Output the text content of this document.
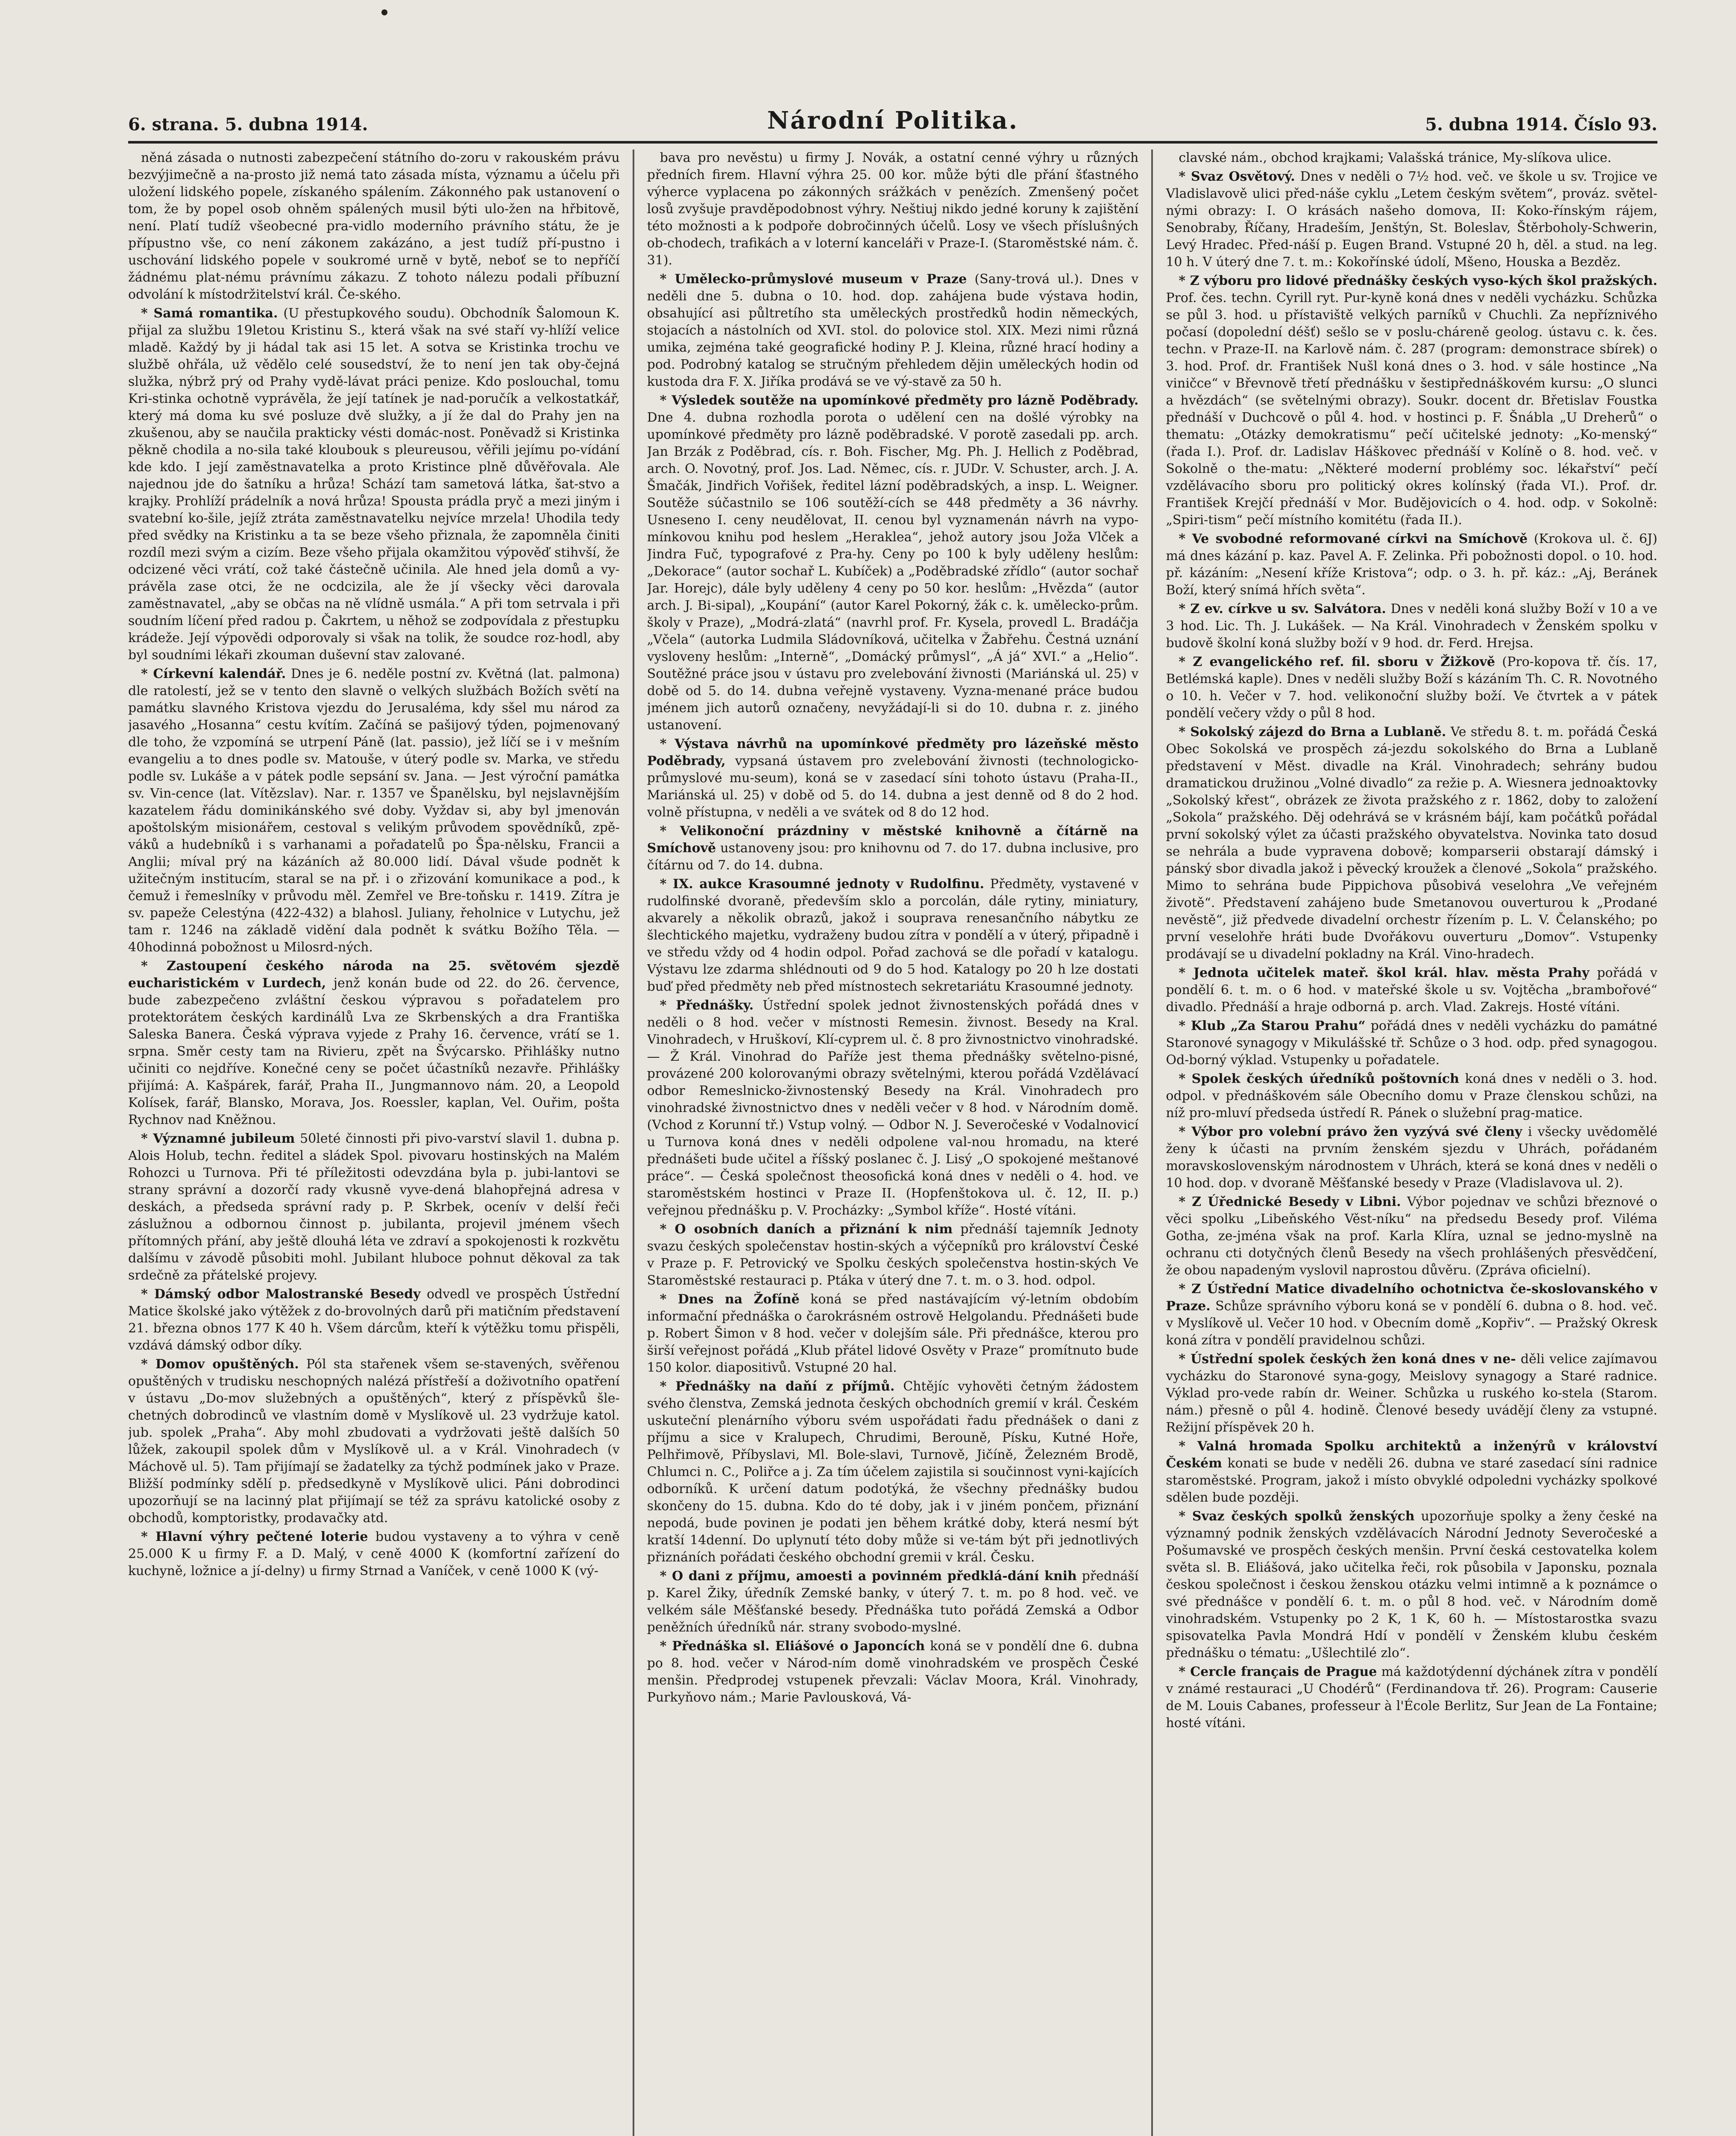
6. strana. 5. dubna 1914.	Národní Politika.	5. dubna 1914. Číslo 93.

něná zásada o nutnosti zabezpečení státního do-zoru v rakouském právu bezvýjimečně a na-prosto již nemá tato zásada místa, významu a účelu při uložení lidského popele, získaného spálením. Zákonného pak ustanovení o tom, že by popel osob ohněm spálených musil býti ulo-žen na hřbitově, není. Platí tudíž všeobecné pra-vidlo moderního právního státu, že je přípustno vše, co není zákonem zakázáno, a jest tudíž pří-pustno i uschování lidského popele v soukromé urně v bytě, neboť se to nepříčí žádnému plat-nému právnímu zákazu. Z tohoto nálezu podali příbuzní odvolání k místodržitelství král. Če-ského.

* Samá romantika. (U přestupkového soudu). Obchodník Šalomoun K. přijal za službu 19letou Kristinu S., která však na své staří vy-hlíží velice mladě. Každý by ji hádal tak asi 15 let. A sotva se Kristinka trochu ve službě ohřála, už vědělo celé sousedství, že to není jen tak oby-čejná služka, nýbrž prý od Prahy vydě-lávat práci penize. Kdo poslouchal, tomu Kri-stinka ochotně vyprávěla, že její tatínek je nad-poručík a velkostatkář, který má doma ku své posluze dvě služky, a jí že dal do Prahy jen na zkušenou, aby se naučila prakticky vésti domác-nost. Poněvadž si Kristinka pěkně chodila a no-sila také kloubouk s pleureusou, věřili jejímu po-vídání kde kdo. I její zaměstnavatelka a proto Kristince plně důvěřovala. Ale najednou jde do šatníku a hrůza! Schází tam sametová látka, šat-stvo a krajky. Prohlíží prádelník a nová hrůza! Spousta prádla pryč a mezi jiným i svatební ko-šile, jejíž ztráta zaměstnavatelku nejvíce mrzela! Uhodila tedy před svědky na Kristinku a ta se beze všeho přiznala, že zapomněla činiti rozdíl mezi svým a cizím. Beze všeho přijala okamžitou výpověď stihvší, že odcizené věci vrátí, což také částečně učinila. Ale hned jela domů a vy-právěla zase otci, že ne ocdcizila, ale že jí všecky věci darovala zaměstnavatel, „aby se občas na ně vlídně usmála.“ A při tom setrvala i při soudním líčení před radou p. Čakrtem, u něhož se zodpovídala z přestupku krádeže. Její výpovědi odporovaly si však na tolik, že soudce roz-hodl, aby byl soudními lékaři zkouman duševní stav zalované.

* Církevní kalendář. Dnes je 6. neděle postní zv. Květná (lat. palmona) dle ratolestí, jež se v tento den slavně o velkých službách Božích světí na památku slavného Kristova vjezdu do Jerusaléma, kdy sšel mu národ za jasavého „Hosanna“ cestu kvítím. Začíná se pašijový týden, pojmenovaný dle toho, že vzpomíná se utrpení Páně (lat. passio), jež líčí se i v mešním evangeliu a to dnes podle sv. Matouše, v úterý podle sv. Marka, ve středu podle sv. Lukáše a v pátek podle sepsání sv. Jana. — Jest výroční památka sv. Vin-cence (lat. Vítězslav). Nar. r. 1357 ve Španělsku, byl nejslavnějším kazatelem řádu dominikánského své doby. Vyždav si, aby byl jmenován apoštolským misionářem, cestoval s velikým průvodem spovědníků, zpě-váků a hudebníků i s varhanami a pořadatelů po Špa-nělsku, Francii a Anglii; míval prý na kázáních až 80.000 lidí. Dával všude podnět k užitečným institucím, staral se na př. i o zřizování komunikace a pod., k čemuž i řemeslníky v průvodu měl. Zemřel ve Bre-toňsku r. 1419. Zítra je sv. papeže Celestýna (422-432) a blahosl. Juliany, řeholnice v Lutychu, jež tam r. 1246 na základě vidění dala podnět k svátku Božího Těla. — 40hodinná pobožnost u Milosrd-ných.

* Zastoupení českého národa na 25. světovém sjezdě eucharistickém v Lurdech, jenž konán bude od 22. do 26. července, bude zabezpečeno zvláštní českou výpravou s pořadatelem pro protektorátem českých kardinálů Lva ze Skrbenských a dra Františka Saleska Banera. Česká výprava vyjede z Prahy 16. července, vrátí se 1. srpna. Směr cesty tam na Rivieru, zpět na Švýcarsko. Přihlášky nutno učiniti co nejdříve. Konečné ceny se počet účastníků nezavře. Přihlášky přijímá: A. Kašpárek, farář, Praha II., Jungmannovo nám. 20, a Leopold Kolísek, farář, Blansko, Morava, Jos. Roessler, kaplan, Vel. Ouřim, pošta Rychnov nad Kněžnou.

* Významné jubileum 50leté činnosti při pivo-varství slavil 1. dubna p. Alois Holub, techn. ředitel a sládek Spol. pivovaru hostinských na Malém Rohozci u Turnova. Při té příležitosti odevzdána byla p. jubi-lantovi se strany správní a dozorčí rady vkusně vyve-dená blahopřejná adresa v deskách, a předseda správní rady p. P. Skrbek, ocenív v delší řeči záslužnou a odbornou činnost p. jubilanta, projevil jménem všech přítomných přání, aby ještě dlouhá léta ve zdraví a spokojenosti k rozkvětu dalšímu v závodě působiti mohl. Jubilant hluboce pohnut děkoval za tak srdečně za přátelské projevy.

* Dámský odbor Malostranské Besedy odvedl ve prospěch Ústřední Matice školské jako výtěžek z do-brovolných darů při matičním představení 21. března obnos 177 K 40 h. Všem dárcům, kteří k výtěžku tomu přispěli, vzdává dámský odbor díky.

* Domov opuštěných. Pól sta stařenek všem se-stavených, svěřenou opuštěných v trudisku neschopných nalézá přístřeší a doživotního opatření v ústavu „Do-mov služebných a opuštěných“, který z příspěvků šle-chetných dobrodinců ve vlastním domě v Myslíkově ul. 23 vydržuje katol. jub. spolek „Praha“. Aby mohl zbudovati a vydržovati ještě dalších 50 lůžek, zakoupil spolek dům v Myslíkově ul. a v Král. Vinohradech (v Máchově ul. 5). Tam přijímají se žadatelky za týchž podmínek jako v Praze. Bližší podmínky sdělí p. předsedkyně v Myslíkově ulici. Páni dobrodinci upozorňují se na lacinný plat přijímají se též za správu katolické osoby z obchodů, komptoristky, prodavačky atd.

* Hlavní výhry pečtené loterie budou vystaveny a to výhra v ceně 25.000 K u firmy F. a D. Malý, v ceně 4000 K (komfortní zařízení do kuchyně, ložnice a jí-delny) u firmy Strnad a Vaníček, v ceně 1000 K (vý-

bava pro nevěstu) u firmy J. Novák, a ostatní cenné výhry u různých předních firem. Hlavní výhra 25. 00 kor. může býti dle přání šťastného výherce vyplacena po zákonných srážkách v penězích. Zmenšený počet losů zvyšuje pravděpodobnost výhry. Neštiuj nikdo jedné koruny k zajištění této možnosti a k podpoře dobročinných účelů. Losy ve všech přísluŝných ob-chodech, trafikách a v loterní kanceláři v Praze-I. (Staroměstské nám. č. 31).

* Umělecko-průmyslové museum v Praze (Sany-trová ul.). Dnes v neděli dne 5. dubna o 10. hod. dop. zahájena bude výstava hodin, obsahující asi půltretího sta uměleckých prostředků hodin německých, stojacích a nástolních od XVI. stol. do polovice stol. XIX. Mezi nimi různá umika, zejména také geografické hodiny P. J. Kleina, různé hrací hodiny a pod. Podrobný katalog se stručným přehledem dějin uměleckých hodin od kustoda dra F. X. Jiříka prodává se ve vý-stavě za 50 h.

* Výsledek soutěže na upomínkové předměty pro lázně Poděbrady. Dne 4. dubna rozhodla porota o udělení cen na došlé výrobky na upomínkové předměty pro lázně poděbradské. V porotě zasedali pp. arch. Jan Brzák z Poděbrad, cís. r. Boh. Fischer, Mg. Ph. J. Hellich z Poděbrad, arch. O. Novotný, prof. Jos. Lad. Němec, cís. r. JUDr. V. Schuster, arch. J. A. Šmačák, Jindřich Vořišek, ředitel lázní poděbradských, a insp. L. Weigner. Soutěže súčastnilo se 106 soutěží-cích se 448 předměty a 36 návrhy. Usneseno I. ceny neudělovat, II. cenou byl vyznamenán návrh na vypo-mínkovou knihu pod heslem „Heraklea“, jehož autory jsou Joža Vlček a Jindra Fuč, typografové z Pra-hy. Ceny po 100 k byly uděleny heslům: „Dekorace“ (autor sochař L. Kubíček) a „Poděbradské zřídlo“ (autor sochař Jar. Horejc), dále byly uděleny 4 ceny po 50 kor. heslům: „Hvězda“ (autor arch. J. Bi-sipal), „Koupání“ (autor Karel Pokorný, žák c. k. umělecko-prům. školy v Praze), „Modrá-zlatá“ (navrhl prof. Fr. Kysela, provedl L. Bradáčja „Včela“ (autorka Ludmila Sládovníková, učitelka v Žabřehu. Čestná uznání vysloveny heslům: „Interně“, „Domácký průmysl“, „Á já“ XVI.“ a „Helio“. Soutěžné práce jsou v ústavu pro zvelebování živnosti (Mariánská ul. 25) v době od 5. do 14. dubna veřejně vystaveny. Vyzna-menané práce budou jménem jich autorů označeny, nevyžádají-li si do 10. dubna r. z. jiného ustanovení.

* Výstava návrhů na upomínkové předměty pro lázeňské město Poděbrady, vypsaná ústavem pro zvelebování živnosti (technologicko-průmyslové mu-seum), koná se v zasedací síni tohoto ústavu (Praha-II., Mariánská ul. 25) v době od 5. do 14. dubna a jest denně od 8 do 2 hod. volně přístupna, v neděli a ve svátek od 8 do 12 hod.

* Velikonoční prázdniny v městské knihovně a čítárně na Smíchově ustanoveny jsou: pro knihovnu od 7. do 17. dubna inclusive, pro čítárnu od 7. do 14. dubna.

* IX. aukce Krasoumné jednoty v Rudolfinu. Předměty, vystavené v rudolfinské dvoraně, především sklo a porcolán, dále rytiny, miniatury, akvarely a několik obrazů, jakož i souprava renesančního nábytku ze šlechtického majetku, vydraženy budou zítra v pondělí a v úterý, připadně i ve středu vždy od 4 hodin odpol. Pořad zachová se dle pořadí v katalogu. Výstavu lze zdarma shlédnouti od 9 do 5 hod. Katalogy po 20 h lze dostati buď před předměty neb před místnostech sekretariátu Krasoumné jednoty.

* Přednášky. Ústřední spolek jednot živnostenských pořádá dnes v neděli o 8 hod. večer v místnosti Remesin. živnost. Besedy na Kral. Vinohradech, v Hruškoví, Klí-cyprem ul. č. 8 pro živnostnictvo vinohradské. — Ž Král. Vinohrad do Paříže jest thema přednášky světelno-pisné, provázené 200 kolorovanými obrazy světelnými, kterou pořádá Vzdělávací odbor Remeslnicko-živnostenský Besedy na Král. Vinohradech pro vinohradské živnostnictvo dnes v neděli večer v 8 hod. v Národním domě. (Vchod z Korunní tř.) Vstup volný. — Odbor N. J. Severočeské v Vodalnovicí u Turnova koná dnes v neděli odpolene val-nou hromadu, na které přednášeti bude učitel a říšský poslanec č. J. Lisý „O spokojené meštanové práce“. — Česká společnost theosofická koná dnes v neděli o 4. hod. ve staroměstském hostinci v Praze II. (Hopfenštokova ul. č. 12, II. p.) veřejnou přednášku p. V. Procházky: „Symbol kříže“. Hosté vítáni.

* O osobních daních a přiznání k nim přednáší tajemník Jednoty svazu českých společenstav hostin-ských a výčepníků pro království České v Praze p. F. Petrovický ve Spolku českých společenstva hostin-ských Ve Staroměstské restauraci p. Ptáka v úterý dne 7. t. m. o 3. hod. odpol.

* Dnes na Žofíně koná se před nastávajícím vý-letním obdobím informační přednáška o čarokrásném ostrově Helgolandu. Přednášeti bude p. Robert Šimon v 8 hod. večer v dolejším sále. Při přednášce, kterou pro širší veřejnost pořádá „Klub přátel lidové Osvěty v Praze“ promítnuto bude 150 kolor. diapositivů. Vstupné 20 hal.

* Přednášky na daňí z příjmů. Chtějíc vyhověti četným žádostem svého členstva, Zemská jednota českých obchodních gremií v král. Českém uskuteční plenárního výboru svém uspořádati řadu přednášek o dani z příjmu a sice v Kralupech, Chrudimi, Berouně, Písku, Kutné Hoře, Pelhřimově, Příbyslavi, Ml. Bole-slavi, Turnově, Jičíně, Železném Brodě, Chlumci n. C., Poliřce a j. Za tím účelem zajistila si součinnost vyni-kajících odborníků. K určení datum podotýká, že všechny přednášky budou skončeny do 15. dubna. Kdo do té doby, jak i v jiném pončem, přiznání nepodá, bude povinen je podati jen během krátké doby, která nesmí být kratší 14denní. Do uplynutí této doby může si ve-tám být při jednotlivých přiznáních pořádati českého obchodní gremii v král. Česku.

* O dani z příjmu, amoesti a povinném předklá-dání knih přednáší p. Karel Žiky, úředník Zemské banky, v úterý 7. t. m. po 8 hod. več. ve velkém sále Měšťanské besedy. Přednáška tuto pořádá Zemská a Odbor peněžních úředníků nár. strany svobodo-myslné.

* Přednáška sl. Eliášové o Japoncích koná se v pondělí dne 6. dubna po 8. hod. večer v Národ-ním domě vinohradském ve prospěch České menšin. Předprodej vstupenek převzali: Václav Moora, Král. Vinohrady, Purkyňovo nám.; Marie Pavlousková, Vá-

clavské nám., obchod krajkami; Valašská tránice, My-slíkova ulice.

* Svaz Osvětový. Dnes v neděli o 7½ hod. več. ve škole u sv. Trojice ve Vladislavově ulici před-náše cyklu „Letem českým světem“, prováz. světel-nými obrazy: I. O krásách našeho domova, II: Koko-řínským rájem, Senobraby, Říčany, Hradeším, Jenštýn, St. Boleslav, Štěrboholy-Schwerin, Levý Hradec. Před-náší p. Eugen Brand. Vstupné 20 h, děl. a stud. na leg. 10 h. V úterý dne 7. t. m.: Kokořínské údolí, Mšeno, Houska a Bezděz.

* Z výboru pro lidové přednášky českých vyso-kých škol pražských. Prof. čes. techn. Cyrill ryt. Pur-kyně koná dnes v neděli vycházku. Schůzka se půl 3. hod. u přístaviště velkých parníků v Chuchli. Za nepříznivého počasí (dopolední déšť) sešlo se v poslu-cháreně geolog. ústavu c. k. čes. techn. v Praze-II. na Karlově nám. č. 287 (program: demonstrace sbírek) o 3. hod. Prof. dr. František Nušl koná dnes o 3. hod. v sále hostince „Na viničce“ v Břevnově třetí přednášku v šestipřednáškovém kursu: „O slunci a hvězdách“ (se světelnými obrazy). Soukr. docent dr. Břetislav Foustka přednáší v Duchcově o půl 4. hod. v hostinci p. F. Šnábla „U Dreherů“ o thematu: „Otázky demokratismu“ pečí učitelské jednoty: „Ko-menský“ (řada I.). Prof. dr. Ladislav Háškovec přednáší v Kolíně o 8. hod. več. v Sokolně o the-matu: „Některé moderní problémy soc. lékařství“ pečí vzdělávacího sboru pro politický okres kolínský (řada VI.). Prof. dr. František Krejčí přednáší v Mor. Budějovicích o 4. hod. odp. v Sokolně: „Spiri-tism“ pečí místního komitétu (řada II.).

* Ve svobodné reformované církvi na Smíchově (Krokova ul. č. 6J) má dnes kázání p. kaz. Pavel A. F. Zelinka. Při pobožnosti dopol. o 10. hod. př. kázáním: „Nesení kříže Kristova“; odp. o 3. h. př. káz.: „Aj, Beránek Boží, který snímá hřích světa“.

* Z ev. církve u sv. Salvátora. Dnes v neděli koná služby Boží v 10 a ve 3 hod. Lic. Th. J. Lukášek. — Na Král. Vinohradech v Ženském spolku v budově školní koná služby boží v 9 hod. dr. Ferd. Hrejsa.

* Z evangelického ref. fil. sboru v Žižkově (Pro-kopova tř. čís. 17, Betlémská kaple). Dnes v neděli služby Boží s kázáním Th. C. R. Novotného o 10. h. Večer v 7. hod. velikonoční služby boží. Ve čtvrtek a v pátek pondělí večery vždy o půl 8 hod.

* Sokolský zájezd do Brna a Lublaně. Ve středu 8. t. m. pořádá Česká Obec Sokolská ve prospěch zá-jezdu sokolského do Brna a Lublaně představení v Měst. divadle na Král. Vinohradech; sehrány budou dramatickou družinou „Volné divadlo“ za režie p. A. Wiesnera jednoaktovky „Sokolský křest“, obrázek ze života pražského z r. 1862, doby to založení „Sokola“ pražského. Děj odehrává se v krásném bájí, kam počátků pořádal první sokolský výlet za účasti pražského obyvatelstva. Novinka tato dosud se nehrála a bude vypravena dobově; komparserii obstarají dámský i pánský sbor divadla jakož i pěvecký kroužek a členové „Sokola“ pražského. Mimo to sehrána bude Pippichova působivá veselohra „Ve veřejném životě“. Představení zahájeno bude Smetanovou ouverturou k „Prodané nevěstě“, již předvede divadelní orchestr řízením p. L. V. Čelanského; po první veselohře hráti bude Dvořákovu ouverturu „Domov“. Vstupenky prodávají se u divadelní pokladny na Král. Vino-hradech.

* Jednota učitelek mateř. škol král. hlav. města Prahy pořádá v pondělí 6. t. m. o 6 hod. v mateřské škole u sv. Vojtěcha „brambořové“ divadlo. Přednáší a hraje odborná p. arch. Vlad. Zakrejs. Hosté vítáni.

* Klub „Za Starou Prahu“ pořádá dnes v neděli vycházku do památné Staronové synagogy v Mikulášské tř. Schůze o 3 hod. odp. před synagogou. Od-borný výklad. Vstupenky u pořadatele.

* Spolek českých úředníků poštovních koná dnes v neděli o 3. hod. odpol. v přednáškovém sále Obecního domu v Praze členskou schůzi, na níž pro-mluví předseda ústředí R. Pánek o služební prag-matice.

* Výbor pro volební právo žen vyzývá své členy i všecky uvědomělé ženy k účasti na prvním ženském sjezdu v Uhrách, pořádaném moravskoslovenským národnostem v Uhrách, která se koná dnes v neděli o 10 hod. dop. v dvoraně Měšťanské besedy v Praze (Vladislavova ul. 2).

* Z Úřednické Besedy v Libni. Výbor pojednav ve schůzi březnové o věci spolku „Libeňského Věst-níku“ na předsedu Besedy prof. Viléma Gotha, ze-jména však na prof. Karla Klíra, uznal se jedno-myslně na ochranu cti dotyčných členů Besedy na všech prohlášených přesvědčení, že obou napadeným vyslovil naprostou důvěru. (Zpráva oficielní).

* Z Ústřední Matice divadelního ochotnictva če-skoslovanského v Praze. Schůze správního výboru koná se v pondělí 6. dubna o 8. hod. več. v Myslíkově ul. Večer 10 hod. v Obecním domě „Kopřiv“. — Pražský Okresk koná zítra v pondělí pravidelnou schůzi.

* Ústřední spolek českých žen koná dnes v ne- děli velice zajímavou vycházku do Staronové syna-gogy, Meislovy synagogy a Staré radnice. Výklad pro-vede rabín dr. Weiner. Schůzka u ruského ko-stela (Starom. nám.) přesně o půl 4. hodině. Členové besedy uvádějí členy za vstupné. Režijní příspěvek 20 h.

* Valná hromada Spolku architektů a inženýrů v království Českém konati se bude v neděli 26. dubna ve staré zasedací síni radnice staroměstské. Program, jakož i místo obvyklé odpoledni vycházky spolkové sdělen bude později.

* Svaz českých spolků ženských upozorňuje spolky a ženy české na významný podnik ženských vzdělávacích Národní Jednoty Severočeské a Pošumavské ve prospěch českých menšin. První česká cestovatelka kolem světa sl. B. Eliášová, jako učitelka řeči, rok působila v Japonsku, poznala českou společnost i českou ženskou otázku velmi intimně a k poznámce o své přednášce v pondělí 6. t. m. o půl 8 hod. več. v Národním domě vinohradském. Vstupenky po 2 K, 1 K, 60 h. — Místostarostka svazu spisovatelka Pavla Mondrá Hdí v pondělí v Ženském klubu českém přednášku o tématu: „Ušlechtilé zlo“.

* Cercle français de Prague má každotýdenní dýchánek zítra v pondělí v známé restauraci „U Chodérů“ (Ferdinandova tř. 26). Program: Causerie de M. Louis Cabanes, professeur à l'École Berlitz, Sur Jean de La Fontaine; hosté vítáni.
